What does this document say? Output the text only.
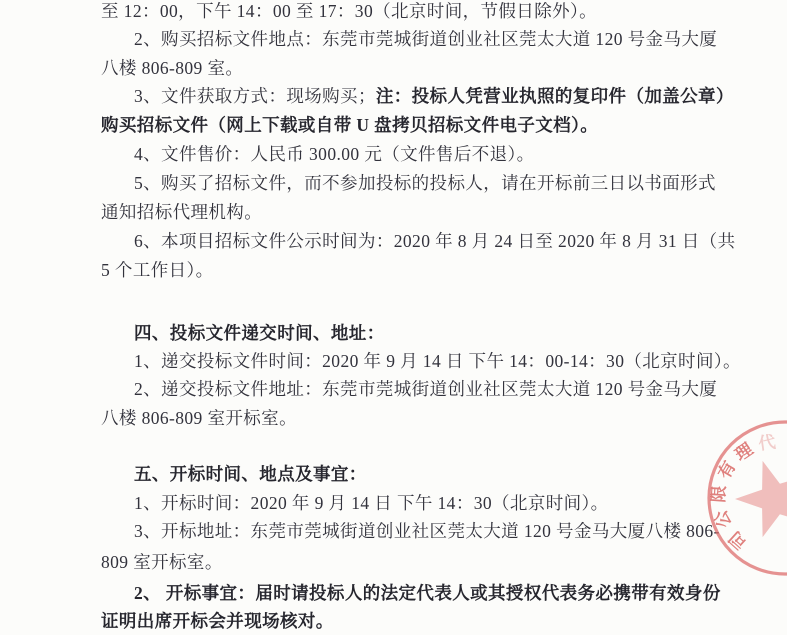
至 12：00，下午 14：00 至 17：30（北京时间，节假日除外）。
2、购买招标文件地点：东莞市莞城街道创业社区莞太大道 120 号金马大厦
八楼 806-809 室。
3、文件获取方式：现场购买；注：投标人凭营业执照的复印件（加盖公章）
购买招标文件（网上下载或自带 U 盘拷贝招标文件电子文档）。
4、文件售价：人民币 300.00 元（文件售后不退）。
5、购买了招标文件，而不参加投标的投标人，请在开标前三日以书面形式
通知招标代理机构。
6、本项目招标文件公示时间为：2020 年 8 月 24 日至 2020 年 8 月 31 日（共
5 个工作日）。
四、投标文件递交时间、地址：
1、递交投标文件时间：2020 年 9 月 14 日 下午 14：00-14：30（北京时间）。
2、递交投标文件地址：东莞市莞城街道创业社区莞太大道 120 号金马大厦
八楼 806-809 室开标室。
五、开标时间、地点及事宜：
1、开标时间：2020 年 9 月 14 日 下午 14：30（北京时间）。
3、开标地址：东莞市莞城街道创业社区莞太大道 120 号金马大厦八楼 806-
809 室开标室。
2、 开标事宜：届时请投标人的法定代表人或其授权代表务必携带有效身份
证明出席开标会并现场核对。
代
理
有
限
公
司
